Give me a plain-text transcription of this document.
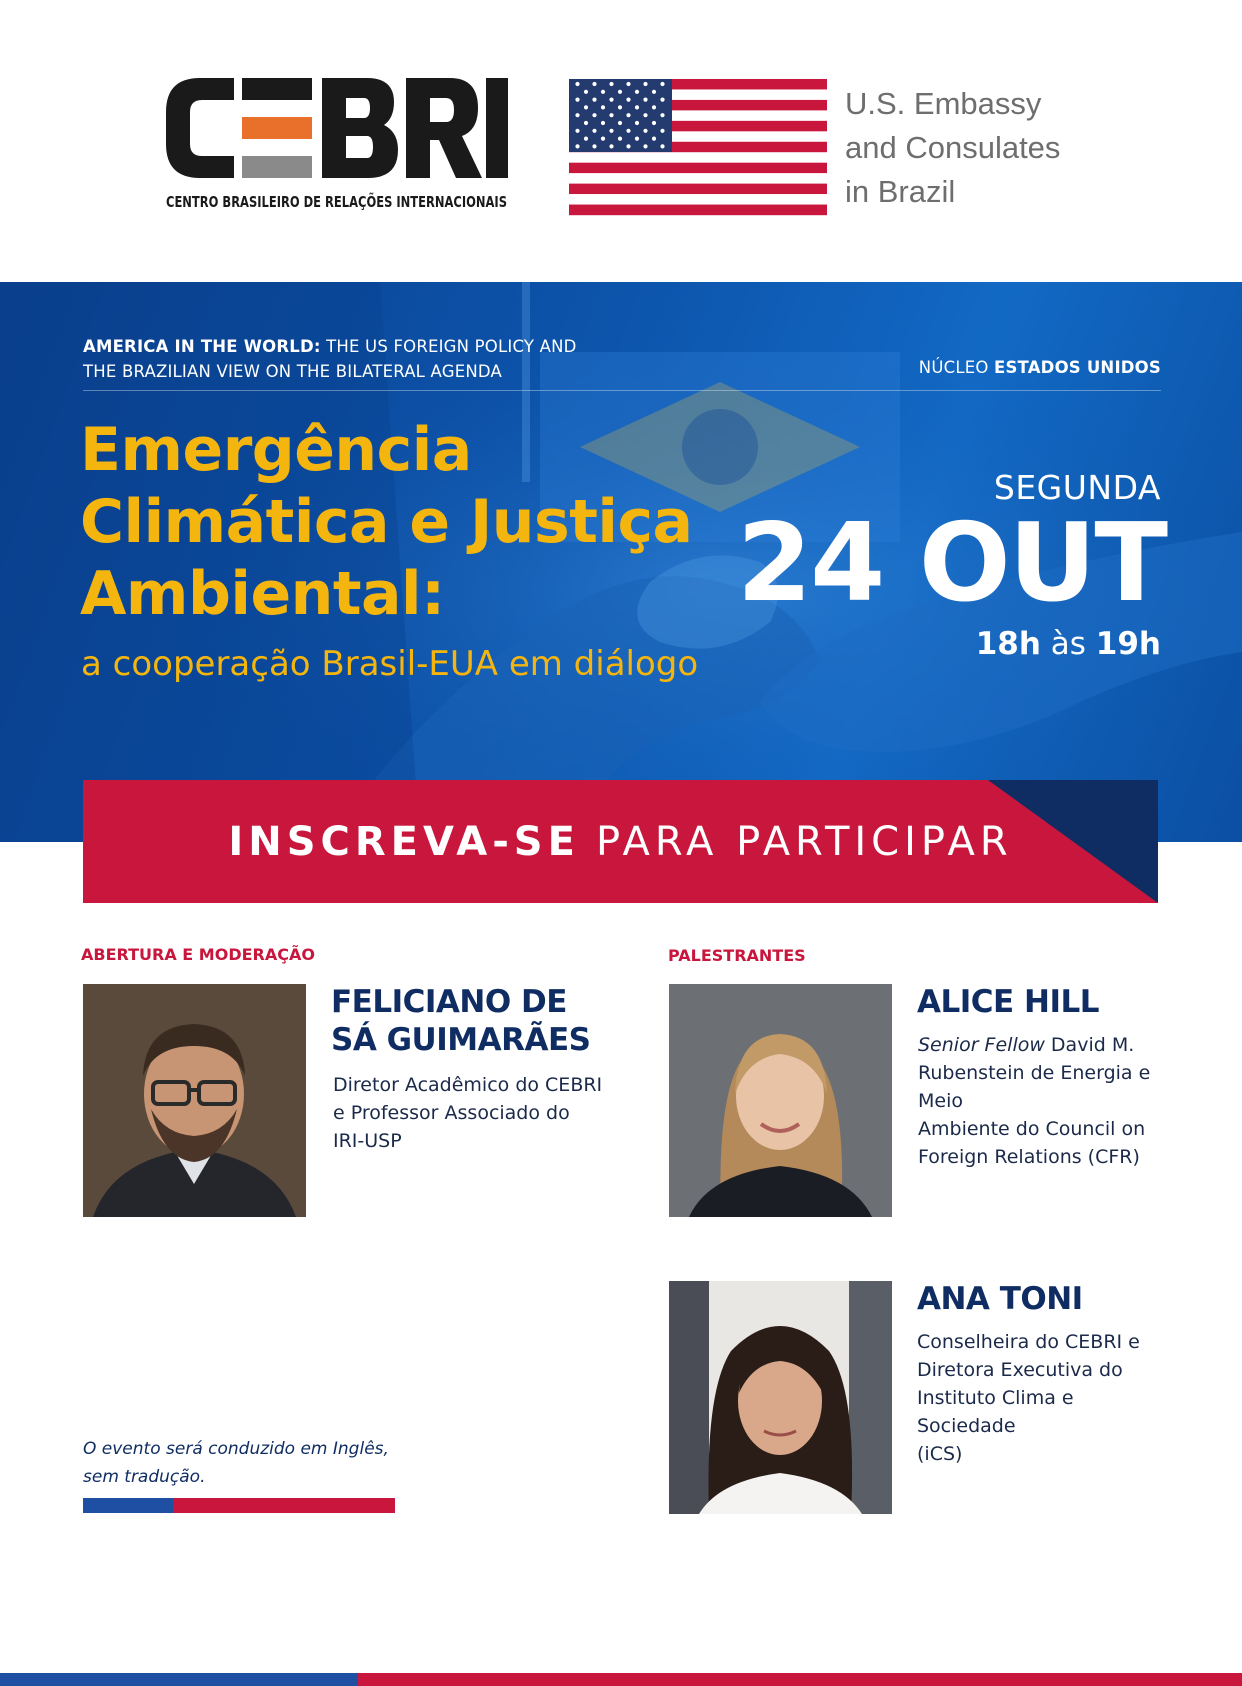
CENTRO BRASILEIRO DE RELAÇÕES INTERNACIONAIS
U.S. Embassy
and Consulates
in Brazil
AMERICA IN THE WORLD: THE US FOREIGN POLICY AND
THE BRAZILIAN VIEW ON THE BILATERAL AGENDA	NÚCLEO ESTADOS UNIDOS
Emergência
Climática e Justiça
Ambiental:
a cooperação Brasil-EUA em diálogo
SEGUNDA
24 OUT
18h às 19h
INSCREVA-SE PARA PARTICIPAR
ABERTURA E MODERAÇÃO	PALESTRANTES
FELICIANO DE
SÁ GUIMARÃES
Diretor Acadêmico do CEBRI
e Professor Associado do
IRI-USP
ALICE HILL
Senior Fellow David M.
Rubenstein de Energia e Meio
Ambiente do Council on
Foreign Relations (CFR)
ANA TONI
Conselheira do CEBRI e
Diretora Executiva do
Instituto Clima e Sociedade
(iCS)
O evento será conduzido em Inglês,
sem tradução.
